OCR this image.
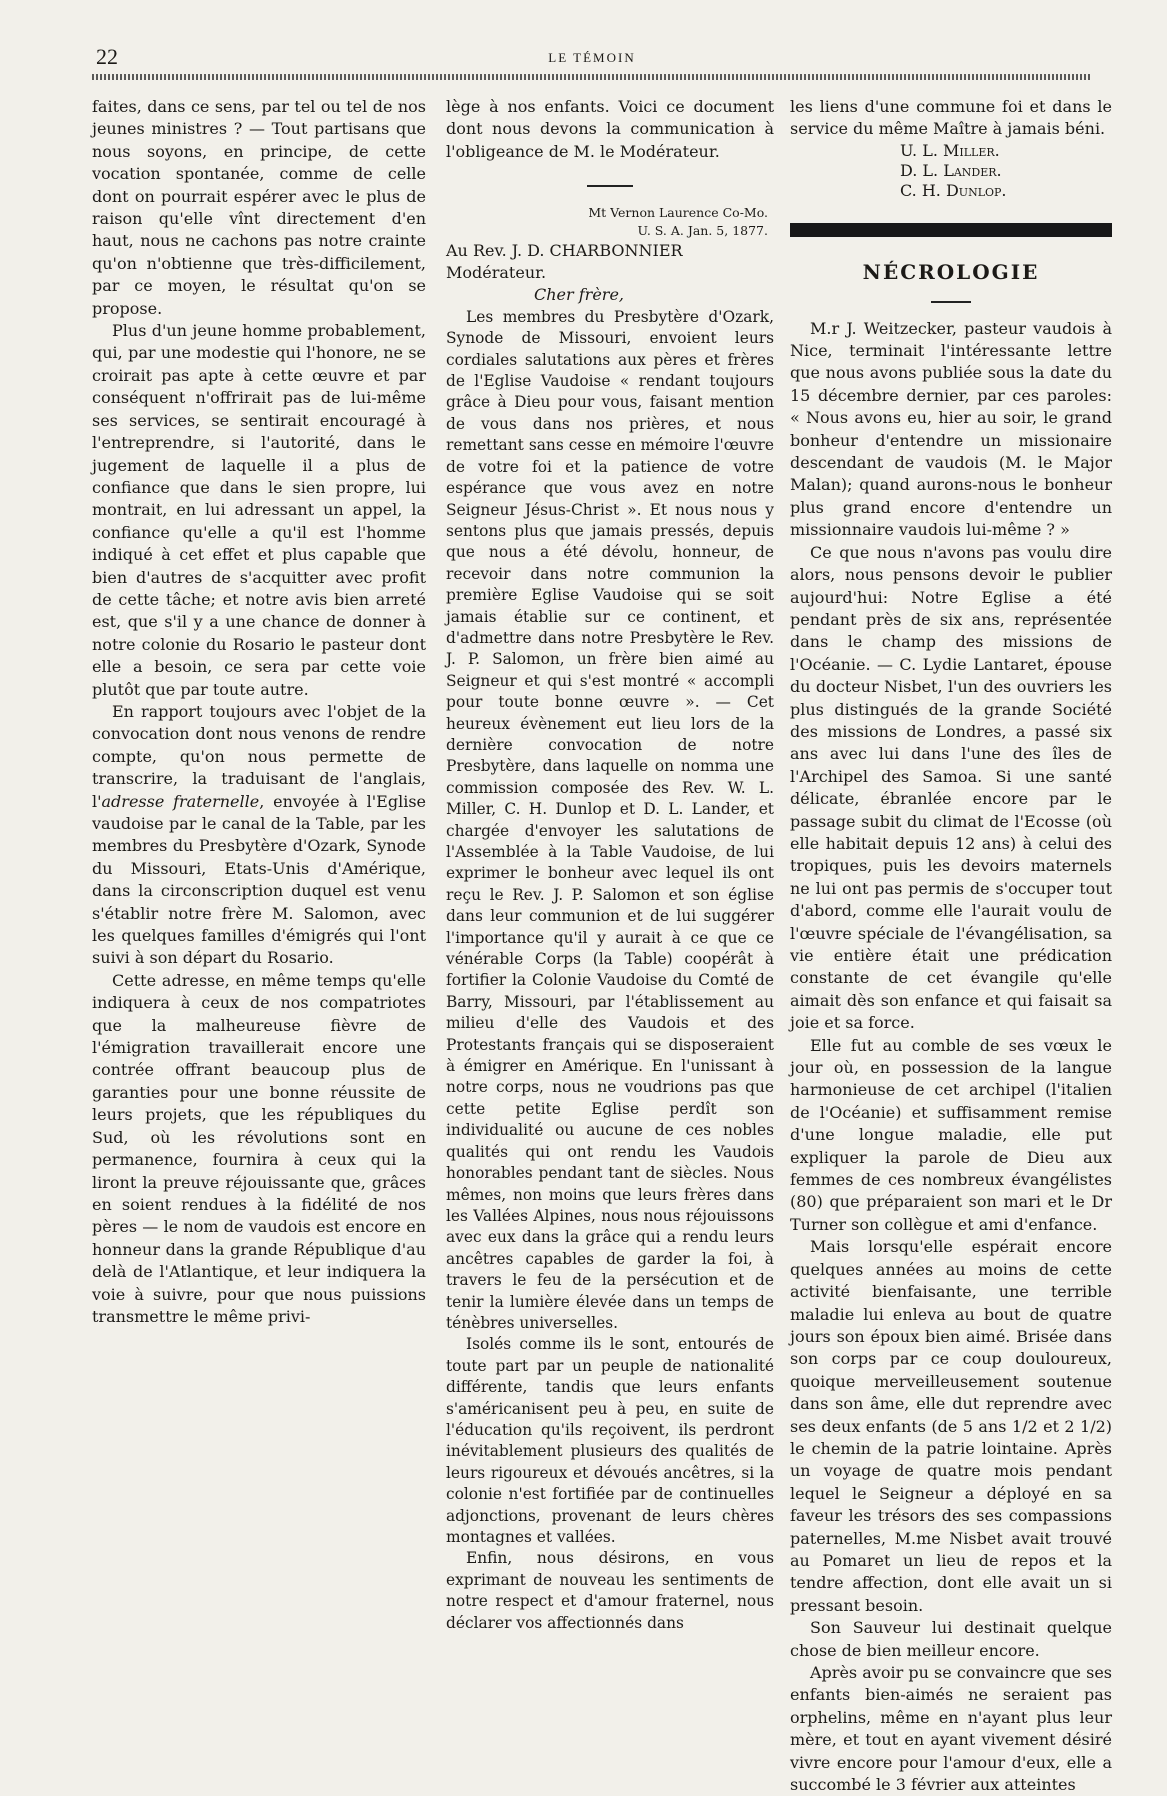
22	LE TÉMOIN

faites, dans ce sens, par tel ou tel de nos jeunes ministres ? — Tout partisans que nous soyons, en principe, de cette vocation spontanée, comme de celle dont on pourrait espérer avec le plus de raison qu'elle vînt directement d'en haut, nous ne cachons pas notre crainte qu'on n'obtienne que très-difficilement, par ce moyen, le résultat qu'on se propose.

Plus d'un jeune homme probablement, qui, par une modestie qui l'honore, ne se croirait pas apte à cette œuvre et par conséquent n'offrirait pas de lui-même ses services, se sentirait encouragé à l'entreprendre, si l'autorité, dans le jugement de laquelle il a plus de confiance que dans le sien propre, lui montrait, en lui adressant un appel, la confiance qu'elle a qu'il est l'homme indiqué à cet effet et plus capable que bien d'autres de s'acquitter avec profit de cette tâche; et notre avis bien arreté est, que s'il y a une chance de donner à notre colonie du Rosario le pasteur dont elle a besoin, ce sera par cette voie plutôt que par toute autre.

En rapport toujours avec l'objet de la convocation dont nous venons de rendre compte, qu'on nous permette de transcrire, la traduisant de l'anglais, l'adresse fraternelle, envoyée à l'Eglise vaudoise par le canal de la Table, par les membres du Presbytère d'Ozark, Synode du Missouri, Etats-Unis d'Amérique, dans la circonscription duquel est venu s'établir notre frère M. Salomon, avec les quelques familles d'émigrés qui l'ont suivi à son départ du Rosario.

Cette adresse, en même temps qu'elle indiquera à ceux de nos compatriotes que la malheureuse fièvre de l'émigration travaillerait encore une contrée offrant beaucoup plus de garanties pour une bonne réussite de leurs projets, que les républiques du Sud, où les révolutions sont en permanence, fournira à ceux qui la liront la preuve réjouissante que, grâces en soient rendues à la fidélité de nos pères — le nom de vaudois est encore en honneur dans la grande République d'au delà de l'Atlantique, et leur indiquera la voie à suivre, pour que nous puissions transmettre le même privi-

lège à nos enfants. Voici ce document dont nous devons la communication à l'obligeance de M. le Modérateur.

Mt Vernon Laurence Co-Mo.
U. S. A. Jan. 5, 1877.

Au Rev. J. D. CHARBONNIER Modérateur.

Cher frère,

Les membres du Presbytère d'Ozark, Synode de Missouri, envoient leurs cordiales salutations aux pères et frères de l'Eglise Vaudoise « rendant toujours grâce à Dieu pour vous, faisant mention de vous dans nos prières, et nous remettant sans cesse en mémoire l'œuvre de votre foi et la patience de votre espérance que vous avez en notre Seigneur Jésus-Christ ». Et nous nous y sentons plus que jamais pressés, depuis que nous a été dévolu, honneur, de recevoir dans notre communion la première Eglise Vaudoise qui se soit jamais établie sur ce continent, et d'admettre dans notre Presbytère le Rev. J. P. Salomon, un frère bien aimé au Seigneur et qui s'est montré « accompli pour toute bonne œuvre ». — Cet heureux évènement eut lieu lors de la dernière convocation de notre Presbytère, dans laquelle on nomma une commission composée des Rev. W. L. Miller, C. H. Dunlop et D. L. Lander, et chargée d'envoyer les salutations de l'Assemblée à la Table Vaudoise, de lui exprimer le bonheur avec lequel ils ont reçu le Rev. J. P. Salomon et son église dans leur communion et de lui suggérer l'importance qu'il y aurait à ce que ce vénérable Corps (la Table) coopérât à fortifier la Colonie Vaudoise du Comté de Barry, Missouri, par l'établissement au milieu d'elle des Vaudois et des Protestants français qui se disposeraient à émigrer en Amérique. En l'unissant à notre corps, nous ne voudrions pas que cette petite Eglise perdît son individualité ou aucune de ces nobles qualités qui ont rendu les Vaudois honorables pendant tant de siècles. Nous mêmes, non moins que leurs frères dans les Vallées Alpines, nous nous réjouissons avec eux dans la grâce qui a rendu leurs ancêtres capables de garder la foi, à travers le feu de la persécution et de tenir la lumière élevée dans un temps de ténèbres universelles.

Isolés comme ils le sont, entourés de toute part par un peuple de nationalité différente, tandis que leurs enfants s'américanisent peu à peu, en suite de l'éducation qu'ils reçoivent, ils perdront inévitablement plusieurs des qualités de leurs rigoureux et dévoués ancêtres, si la colonie n'est fortifiée par de continuelles adjonctions, provenant de leurs chères montagnes et vallées.

Enfin, nous désirons, en vous exprimant de nouveau les sentiments de notre respect et d'amour fraternel, nous déclarer vos affectionnés dans

les liens d'une commune foi et dans le service du même Maître à jamais béni.

U. L. Miller.
D. L. Lander.
C. H. Dunlop.
NÉCROLOGIE

M.r J. Weitzecker, pasteur vaudois à Nice, terminait l'intéressante lettre que nous avons publiée sous la date du 15 décembre dernier, par ces paroles: « Nous avons eu, hier au soir, le grand bonheur d'entendre un missionaire descendant de vaudois (M. le Major Malan); quand aurons-nous le bonheur plus grand encore d'entendre un missionnaire vaudois lui-même ? »

Ce que nous n'avons pas voulu dire alors, nous pensons devoir le publier aujourd'hui: Notre Eglise a été pendant près de six ans, représentée dans le champ des missions de l'Océanie. — C. Lydie Lantaret, épouse du docteur Nisbet, l'un des ouvriers les plus distingués de la grande Société des missions de Londres, a passé six ans avec lui dans l'une des îles de l'Archipel des Samoa. Si une santé délicate, ébranlée encore par le passage subit du climat de l'Ecosse (où elle habitait depuis 12 ans) à celui des tropiques, puis les devoirs maternels ne lui ont pas permis de s'occuper tout d'abord, comme elle l'aurait voulu de l'œuvre spéciale de l'évangélisation, sa vie entière était une prédication constante de cet évangile qu'elle aimait dès son enfance et qui faisait sa joie et sa force.

Elle fut au comble de ses vœux le jour où, en possession de la langue harmonieuse de cet archipel (l'italien de l'Océanie) et suffisamment remise d'une longue maladie, elle put expliquer la parole de Dieu aux femmes de ces nombreux évangélistes (80) que préparaient son mari et le Dr Turner son collègue et ami d'enfance.

Mais lorsqu'elle espérait encore quelques années au moins de cette activité bienfaisante, une terrible maladie lui enleva au bout de quatre jours son époux bien aimé. Brisée dans son corps par ce coup douloureux, quoique merveilleusement soutenue dans son âme, elle dut reprendre avec ses deux enfants (de 5 ans 1/2 et 2 1/2) le chemin de la patrie lointaine. Après un voyage de quatre mois pendant lequel le Seigneur a déployé en sa faveur les trésors des ses compassions paternelles, M.me Nisbet avait trouvé au Pomaret un lieu de repos et la tendre affection, dont elle avait un si pressant besoin.

Son Sauveur lui destinait quelque chose de bien meilleur encore.

Après avoir pu se convaincre que ses enfants bien-aimés ne seraient pas orphelins, même en n'ayant plus leur mère, et tout en ayant vivement désiré vivre encore pour l'amour d'eux, elle a succombé le 3 février aux atteintes
